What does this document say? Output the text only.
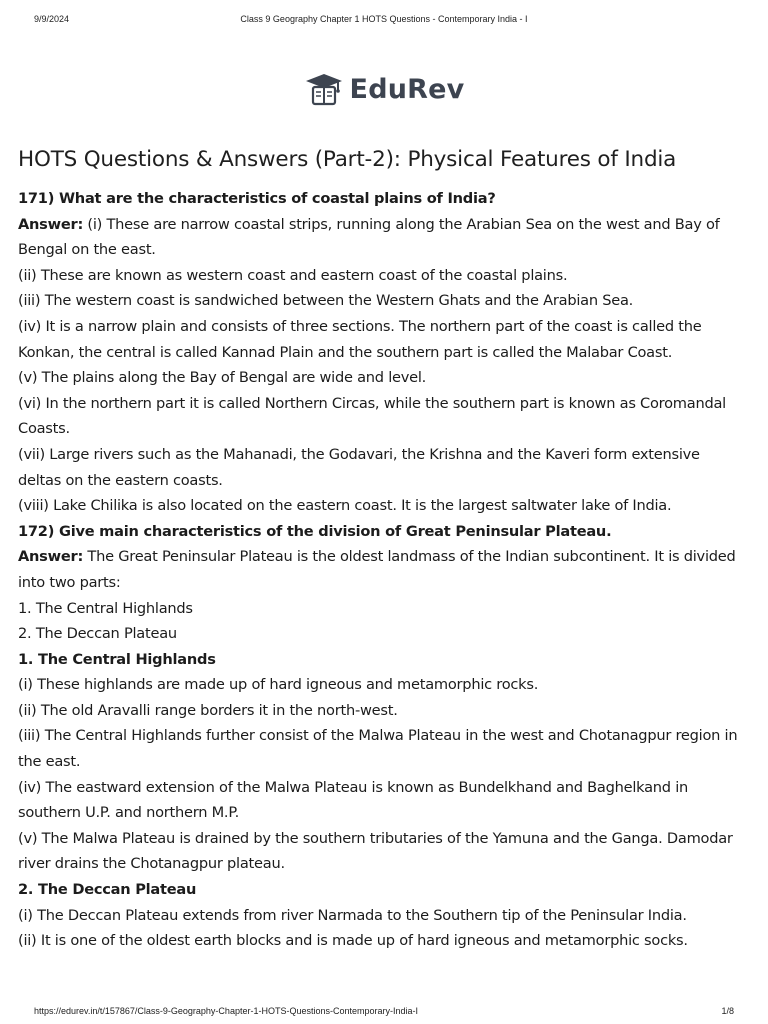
9/9/2024	Class 9 Geography Chapter 1 HOTS Questions - Contemporary India - I
EduRev
HOTS Questions & Answers (Part-2): Physical Features of India

171) What are the characteristics of coastal plains of India?

Answer: (i) These are narrow coastal strips, running along the Arabian Sea on the west and Bay of Bengal on the east.

(ii) These are known as western coast and eastern coast of the coastal plains.

(iii) The western coast is sandwiched between the Western Ghats and the Arabian Sea.

(iv) It is a narrow plain and consists of three sections. The northern part of the coast is called the Konkan, the central is called Kannad Plain and the southern part is called the Malabar Coast.

(v) The plains along the Bay of Bengal are wide and level.

(vi) In the northern part it is called Northern Circas, while the southern part is known as Coromandal Coasts.

(vii) Large rivers such as the Mahanadi, the Godavari, the Krishna and the Kaveri form extensive deltas on the eastern coasts.

(viii) Lake Chilika is also located on the eastern coast. It is the largest saltwater lake of India.

172) Give main characteristics of the division of Great Peninsular Plateau.

Answer: The Great Peninsular Plateau is the oldest landmass of the Indian subcontinent. It is divided into two parts:

1. The Central Highlands

2. The Deccan Plateau

1. The Central Highlands

(i) These highlands are made up of hard igneous and metamorphic rocks.

(ii) The old Aravalli range borders it in the north-west.

(iii) The Central Highlands further consist of the Malwa Plateau in the west and Chotanagpur region in the east.

(iv) The eastward extension of the Malwa Plateau is known as Bundelkhand and Baghelkand in southern U.P. and northern M.P.

(v) The Malwa Plateau is drained by the southern tributaries of the Yamuna and the Ganga. Damodar river drains the Chotanagpur plateau.

2. The Deccan Plateau

(i) The Deccan Plateau extends from river Narmada to the Southern tip of the Peninsular India.

(ii) It is one of the oldest earth blocks and is made up of hard igneous and metamorphic socks.

https://edurev.in/t/157867/Class-9-Geography-Chapter-1-HOTS-Questions-Contemporary-India-I	1/8
